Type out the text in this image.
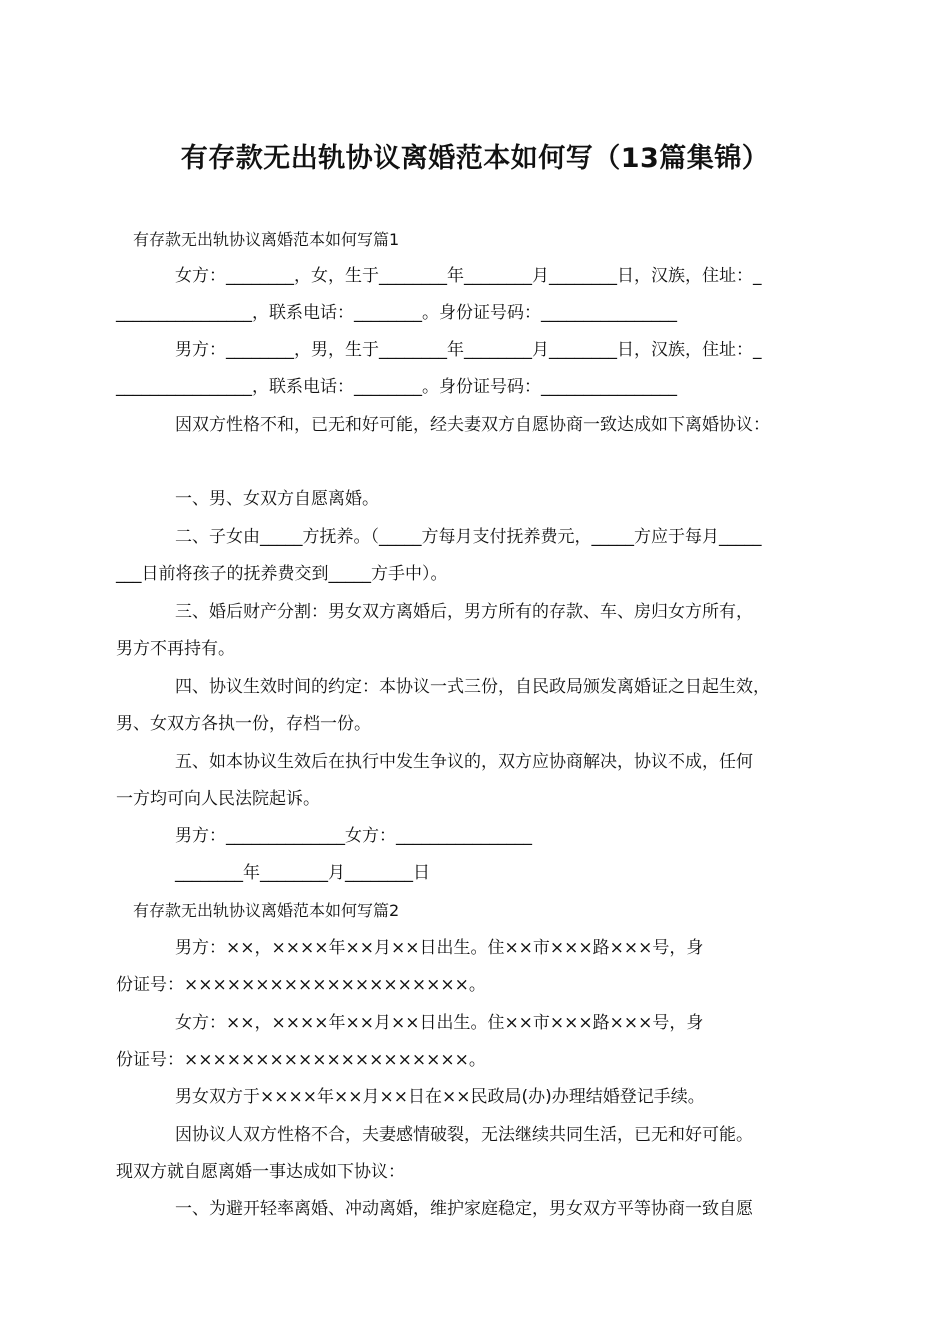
有存款无出轨协议离婚范本如何写（13篇集锦）
有存款无出轨协议离婚范本如何写篇1
女方：________，女，生于________年________月________日，汉族，住址：_
________________，联系电话：________。身份证号码：________________
男方：________，男，生于________年________月________日，汉族，住址：_
________________，联系电话：________。身份证号码：________________
因双方性格不和，已无和好可能，经夫妻双方自愿协商一致达成如下离婚协议：
一、男、女双方自愿离婚。
二、子女由_____方抚养。（_____方每月支付抚养费元，_____方应于每月_____
___日前将孩子的抚养费交到_____方手中）。
三、婚后财产分割：男女双方离婚后，男方所有的存款、车、房归女方所有，
男方不再持有。
四、协议生效时间的约定：本协议一式三份，自民政局颁发离婚证之日起生效，
男、女双方各执一份，存档一份。
五、如本协议生效后在执行中发生争议的，双方应协商解决，协议不成，任何
一方均可向人民法院起诉。
男方：______________女方：________________
________年________月________日
有存款无出轨协议离婚范本如何写篇2
男方：××，××××年××月××日出生。住××市×××路×××号，身
份证号：××××××××××××××××××××。
女方：××，××××年××月××日出生。住××市×××路×××号，身
份证号：××××××××××××××××××××。
男女双方于××××年××月××日在××民政局(办)办理结婚登记手续。
因协议人双方性格不合，夫妻感情破裂，无法继续共同生活，已无和好可能。
现双方就自愿离婚一事达成如下协议：
一、为避开轻率离婚、冲动离婚，维护家庭稳定，男女双方平等协商一致自愿
